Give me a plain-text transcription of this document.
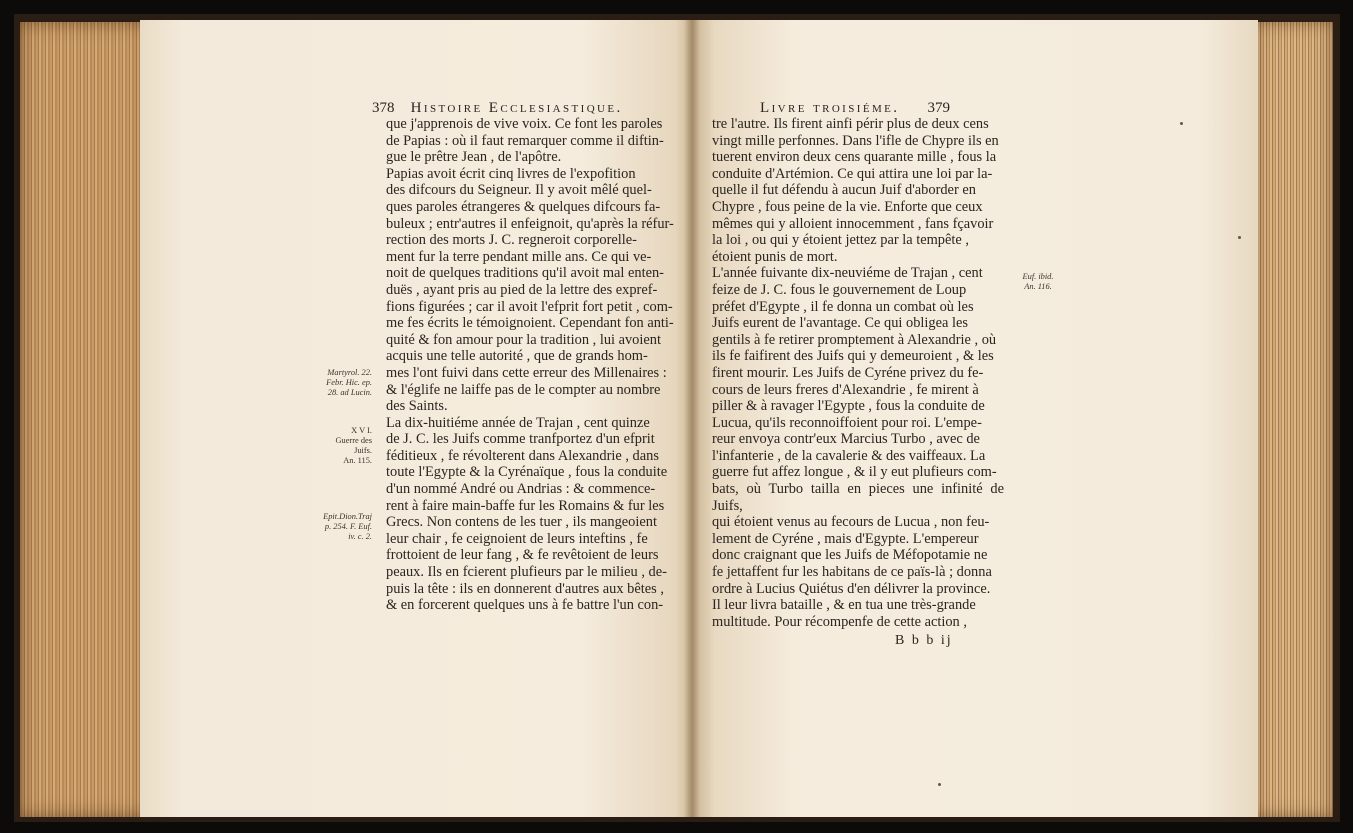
378 Histoire Ecclesiastique.
que j'apprenois de vive voix. Ce font les paroles
de Papias : où il faut remarquer comme il diftin-
gue le prêtre Jean , de l'apôtre.
Papias avoit écrit cinq livres de l'expofition
des difcours du Seigneur. Il y avoit mêlé quel-
ques paroles étrangeres & quelques difcours fa-
buleux ; entr'autres il enfeignoit, qu'après la réfur-
rection des morts J. C. regneroit corporelle-
ment fur la terre pendant mille ans. Ce qui ve-
noit de quelques traditions qu'il avoit mal enten-
duës , ayant pris au pied de la lettre des expref-
fions figurées ; car il avoit l'efprit fort petit , com-
me fes écrits le témoignoient. Cependant fon anti-
quité & fon amour pour la tradition , lui avoient
acquis une telle autorité , que de grands hom-
mes l'ont fuivi dans cette erreur des Millenaires :
& l'églife ne laiffe pas de le compter au nombre
des Saints.
La dix-huitiéme année de Trajan , cent quinze
de J. C. les Juifs comme tranfportez d'un efprit
féditieux , fe révolterent dans Alexandrie , dans
toute l'Egypte & la Cyrénaïque , fous la conduite
d'un nommé André ou Andrias : & commence-
rent à faire main-baffe fur les Romains & fur les
Grecs. Non contens de les tuer , ils mangeoient
leur chair , fe ceignoient de leurs inteftins , fe
frottoient de leur fang , & fe revêtoient de leurs
peaux. Ils en fcierent plufieurs par le milieu , de-
puis la tête : ils en donnerent d'autres aux bêtes ,
& en forcerent quelques uns à fe battre l'un con-
Martyrol. 22.
Febr. Hic. ep.
28. ad Lucin.
X V I.
Guerre des
Juifs.
An. 115.
Epit.Dion.Traj
p. 254. F. Euf.
iv. c. 2.
Livre troisiéme. 379
tre l'autre. Ils firent ainfi périr plus de deux cens
vingt mille perfonnes. Dans l'ifle de Chypre ils en
tuerent environ deux cens quarante mille , fous la
conduite d'Artémion. Ce qui attira une loi par la-
quelle il fut défendu à aucun Juif d'aborder en
Chypre , fous peine de la vie. Enforte que ceux
mêmes qui y alloient innocemment , fans fçavoir
la loi , ou qui y étoient jettez par la tempête ,
étoient punis de mort.
L'année fuivante dix-neuviéme de Trajan , cent
feize de J. C. fous le gouvernement de Loup
préfet d'Egypte , il fe donna un combat où les
Juifs eurent de l'avantage. Ce qui obligea les
gentils à fe retirer promptement à Alexandrie , où
ils fe faifirent des Juifs qui y demeuroient , & les
firent mourir. Les Juifs de Cyréne privez du fe-
cours de leurs freres d'Alexandrie , fe mirent à
piller & à ravager l'Egypte , fous la conduite de
Lucua, qu'ils reconnoiffoient pour roi. L'empe-
reur envoya contr'eux Marcius Turbo , avec de
l'infanterie , de la cavalerie & des vaiffeaux. La
guerre fut affez longue , & il y eut plufieurs com-
bats, où Turbo tailla en pieces une infinité de Juifs,
qui étoient venus au fecours de Lucua , non feu-
lement de Cyréne , mais d'Egypte. L'empereur
donc craignant que les Juifs de Méfopotamie ne
fe jettaffent fur les habitans de ce païs-là ; donna
ordre à Lucius Quiétus d'en délivrer la province.
Il leur livra bataille , & en tua une très-grande
multitude. Pour récompenfe de cette action ,
Euf. ibid.
An. 116.
B b b ij
